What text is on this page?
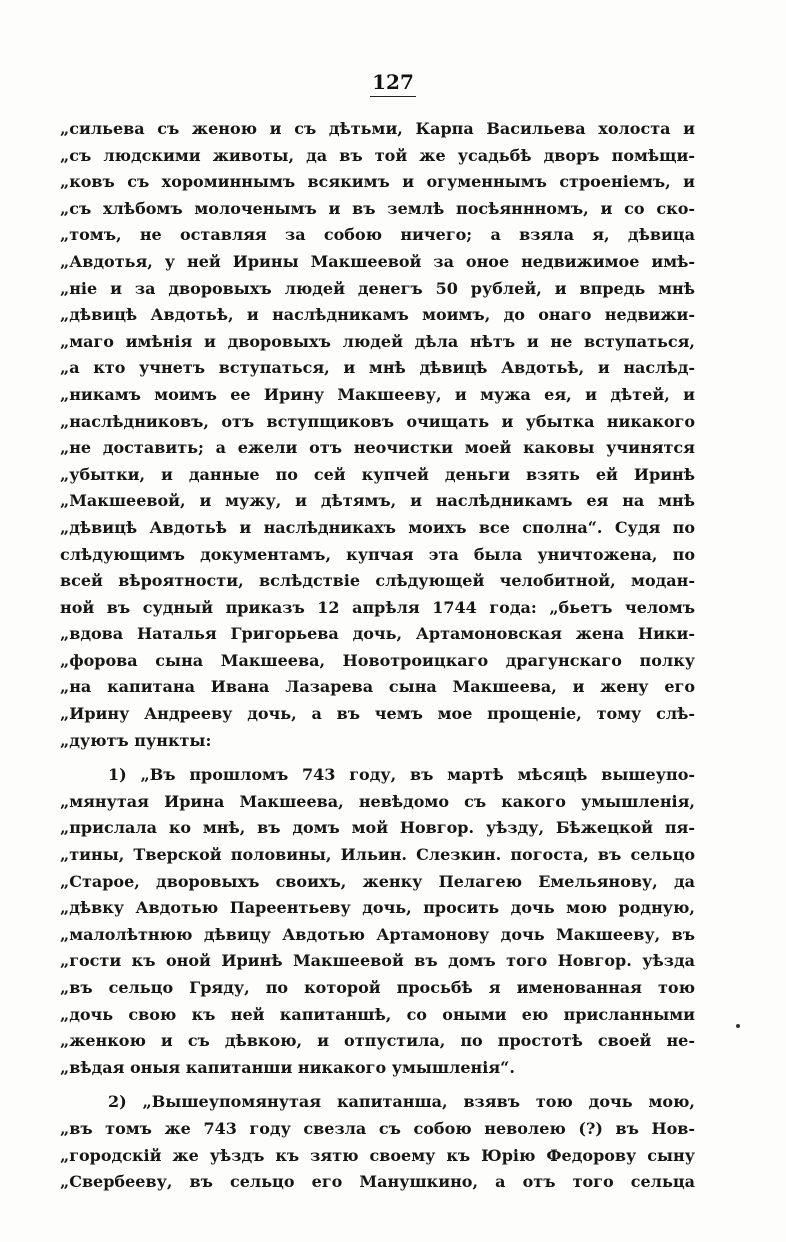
127
„сильева съ женою и съ дѣтьми, Карпа Васильева холоста и
„съ людскими животы, да въ той же усадьбѣ дворъ помѣщи-
„ковъ съ хороминнымъ всякимъ и огуменнымъ строеніемъ, и
„съ хлѣбомъ молоченымъ и въ землѣ посѣяннномъ, и со ско-
„томъ, не оставляя за собою ничего; а взяла я, дѣвица
„Авдотья, у ней Ирины Макшеевой за оное недвижимое имѣ-
„ніе и за дворовыхъ людей денегъ 50 рублей, и впредь мнѣ
„дѣвицѣ Авдотьѣ, и наслѣдникамъ моимъ, до онаго недвижи-
„маго имѣнія и дворовыхъ людей дѣла нѣтъ и не вступаться,
„а кто учнетъ вступаться, и мнѣ дѣвицѣ Авдотьѣ, и наслѣд-
„никамъ моимъ ее Ирину Макшееву, и мужа ея, и дѣтей, и
„наслѣдниковъ, отъ вступщиковъ очищать и убытка никакого
„не доставить; а ежели отъ неочистки моей каковы учинятся
„убытки, и данные по сей купчей деньги взять ей Иринѣ
„Макшеевой, и мужу, и дѣтямъ, и наслѣдникамъ ея на мнѣ
„дѣвицѣ Авдотьѣ и наслѣдникахъ моихъ все сполна“. Судя по
слѣдующимъ документамъ, купчая эта была уничтожена, по
всей вѣроятности, вслѣдствіе слѣдующей челобитной, модан-
ной въ судный приказъ 12 апрѣля 1744 года: „бьетъ челомъ
„вдова Наталья Григорьева дочь, Артамоновская жена Ники-
„форова сына Макшеева, Новотроицкаго драгунскаго полку
„на капитана Ивана Лазарева сына Макшеева, и жену его
„Ирину Андрееву дочь, а въ чемъ мое прощеніе, тому слѣ-
„дуютъ пункты:
1) „Въ прошломъ 743 году, въ мартѣ мѣсяцѣ вышеупо-
„мянутая Ирина Макшеева, невѣдомо съ какого умышленія,
„прислала ко мнѣ, въ домъ мой Новгор. уѣзду, Бѣжецкой пя-
„тины, Тверской половины, Ильин. Слезкин. погоста, въ сельцо
„Старое, дворовыхъ своихъ, женку Пелагею Емельянову, да
„дѣвку Авдотью Пареентьеву дочь, просить дочь мою родную,
„малолѣтнюю дѣвицу Авдотью Артамонову дочь Макшееву, въ
„гости къ оной Иринѣ Макшеевой въ домъ того Новгор. уѣзда
„въ сельцо Гряду, по которой просьбѣ я именованная тою
„дочь свою къ ней капитаншѣ, со оными ею присланными
„женкою и съ дѣвкою, и отпустила, по простотѣ своей не-
„вѣдая оныя капитанши никакого умышленія“.
2) „Вышеупомянутая капитанша, взявъ тою дочь мою,
„въ томъ же 743 году свезла съ собою неволею (?) въ Нов-
„городскій же уѣздъ къ зятю своему къ Юрію Федорову сыну
„Свербееву, въ сельцо его Манушкино, а отъ того сельца
